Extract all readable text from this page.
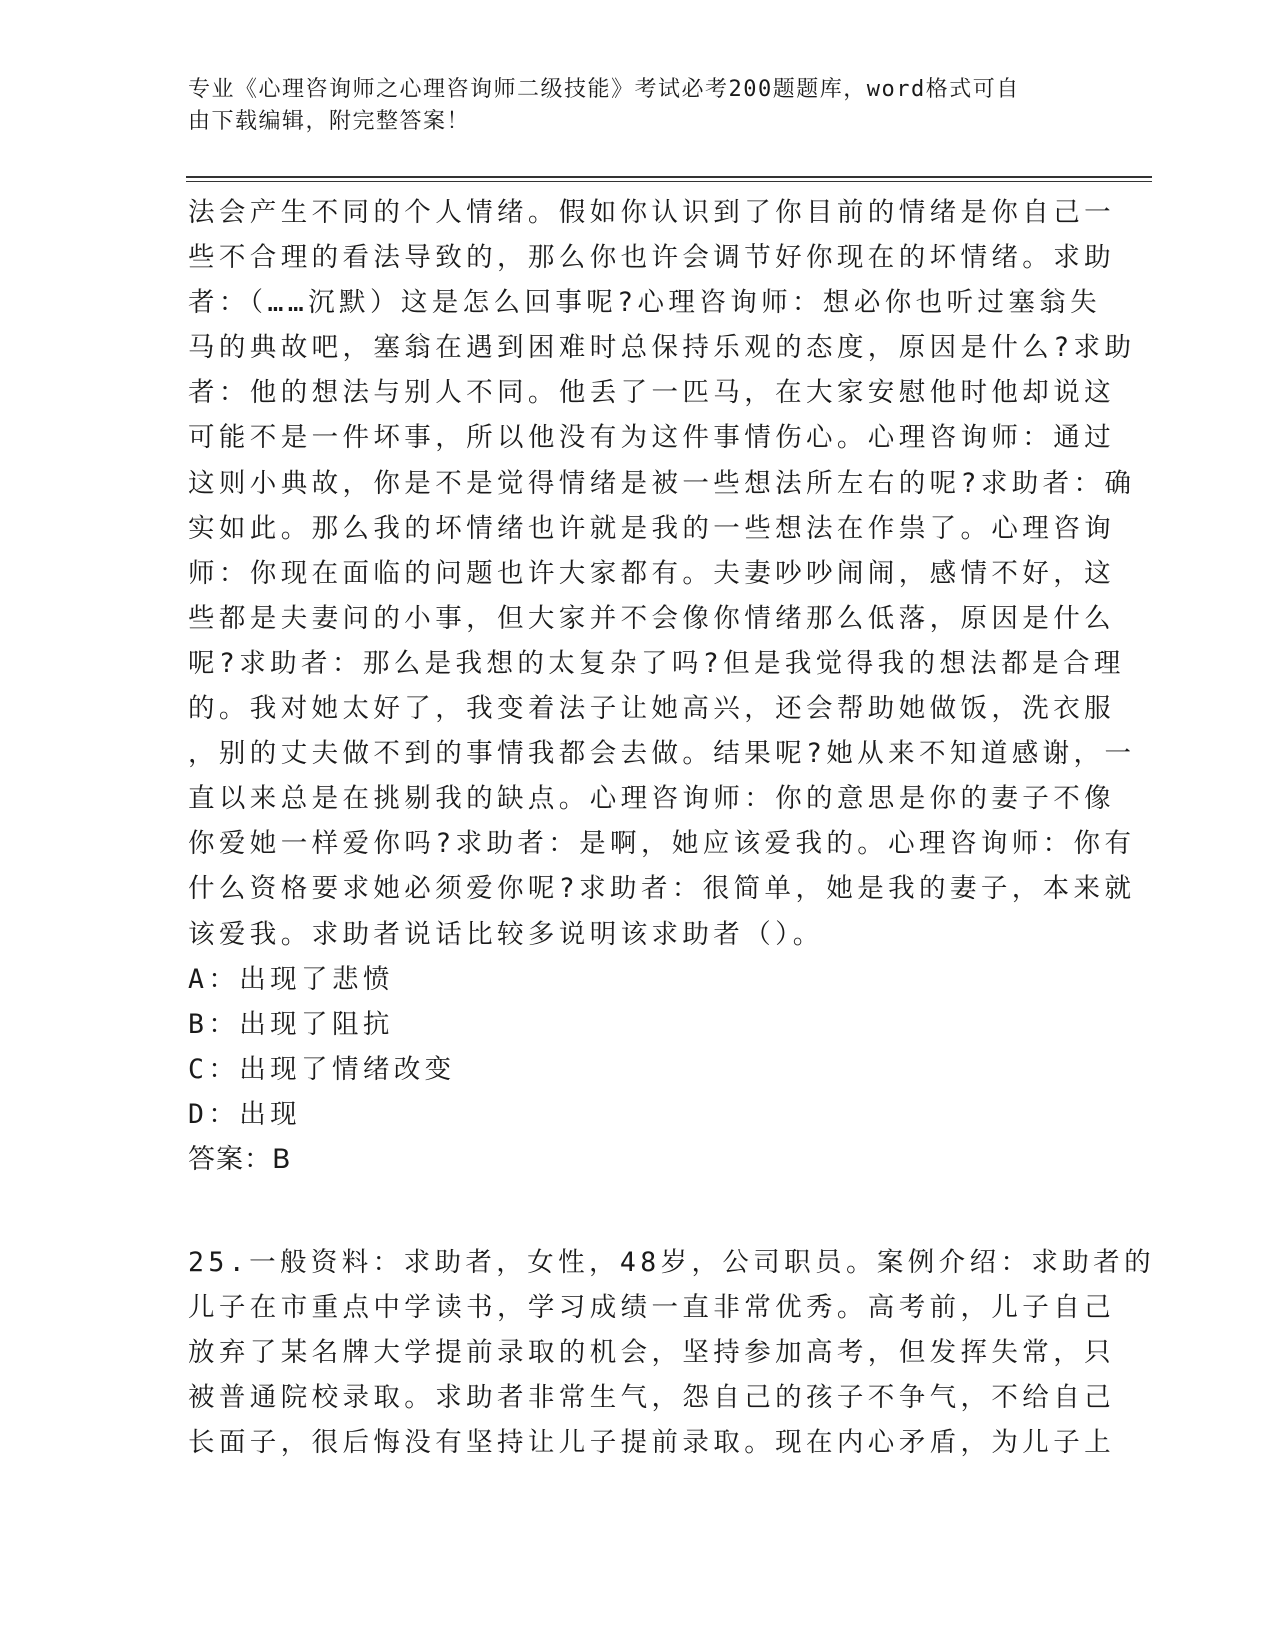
专业《心理咨询师之心理咨询师二级技能》考试必考200题题库，word格式可自
由下载编辑，附完整答案！
法会产生不同的个人情绪。假如你认识到了你目前的情绪是你自己一
些不合理的看法导致的，那么你也许会调节好你现在的坏情绪。求助
者：（……沉默）这是怎么回事呢?心理咨询师：想必你也听过塞翁失
马的典故吧，塞翁在遇到困难时总保持乐观的态度，原因是什么?求助
者：他的想法与别人不同。他丢了一匹马，在大家安慰他时他却说这
可能不是一件坏事，所以他没有为这件事情伤心。心理咨询师：通过
这则小典故，你是不是觉得情绪是被一些想法所左右的呢?求助者：确
实如此。那么我的坏情绪也许就是我的一些想法在作祟了。心理咨询
师：你现在面临的问题也许大家都有。夫妻吵吵闹闹，感情不好，这
些都是夫妻问的小事，但大家并不会像你情绪那么低落，原因是什么
呢?求助者：那么是我想的太复杂了吗?但是我觉得我的想法都是合理
的。我对她太好了，我变着法子让她高兴，还会帮助她做饭，洗衣服
，别的丈夫做不到的事情我都会去做。结果呢?她从来不知道感谢，一
直以来总是在挑剔我的缺点。心理咨询师：你的意思是你的妻子不像
你爱她一样爱你吗?求助者：是啊，她应该爱我的。心理咨询师：你有
什么资格要求她必须爱你呢?求助者：很简单，她是我的妻子，本来就
该爱我。求助者说话比较多说明该求助者（）。
A：出现了悲愤
B：出现了阻抗
C：出现了情绪改变
D：出现
答案：B
25.一般资料：求助者，女性，48岁，公司职员。案例介绍：求助者的
儿子在市重点中学读书，学习成绩一直非常优秀。高考前，儿子自己
放弃了某名牌大学提前录取的机会，坚持参加高考，但发挥失常，只
被普通院校录取。求助者非常生气，怨自己的孩子不争气，不给自己
长面子，很后悔没有坚持让儿子提前录取。现在内心矛盾，为儿子上
